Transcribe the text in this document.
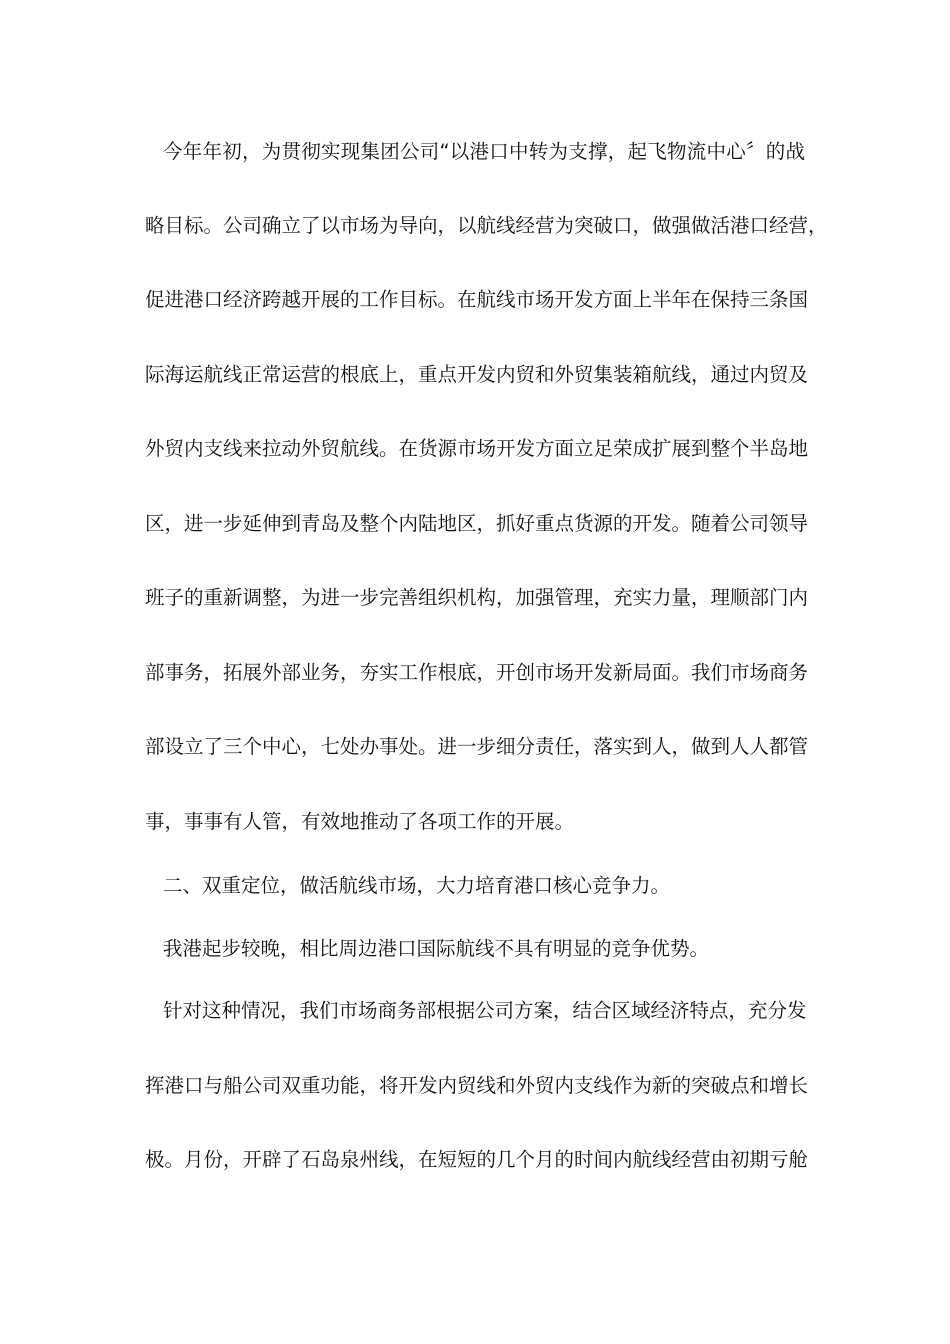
今年年初，为贯彻实现集团公司“以港口中转为支撑，起飞物流中心〞的战
略目标。公司确立了以市场为导向，以航线经营为突破口，做强做活港口经营，
促进港口经济跨越开展的工作目标。在航线市场开发方面上半年在保持三条国
际海运航线正常运营的根底上，重点开发内贸和外贸集装箱航线，通过内贸及
外贸内支线来拉动外贸航线。在货源市场开发方面立足荣成扩展到整个半岛地
区，进一步延伸到青岛及整个内陆地区，抓好重点货源的开发。随着公司领导
班子的重新调整，为进一步完善组织机构，加强管理，充实力量，理顺部门内
部事务，拓展外部业务，夯实工作根底，开创市场开发新局面。我们市场商务
部设立了三个中心，七处办事处。进一步细分责任，落实到人，做到人人都管
事，事事有人管，有效地推动了各项工作的开展。
二、双重定位，做活航线市场，大力培育港口核心竞争力。
我港起步较晚，相比周边港口国际航线不具有明显的竞争优势。
针对这种情况，我们市场商务部根据公司方案，结合区域经济特点，充分发
挥港口与船公司双重功能，将开发内贸线和外贸内支线作为新的突破点和增长
极。月份，开辟了石岛泉州线，在短短的几个月的时间内航线经营由初期亏舱
